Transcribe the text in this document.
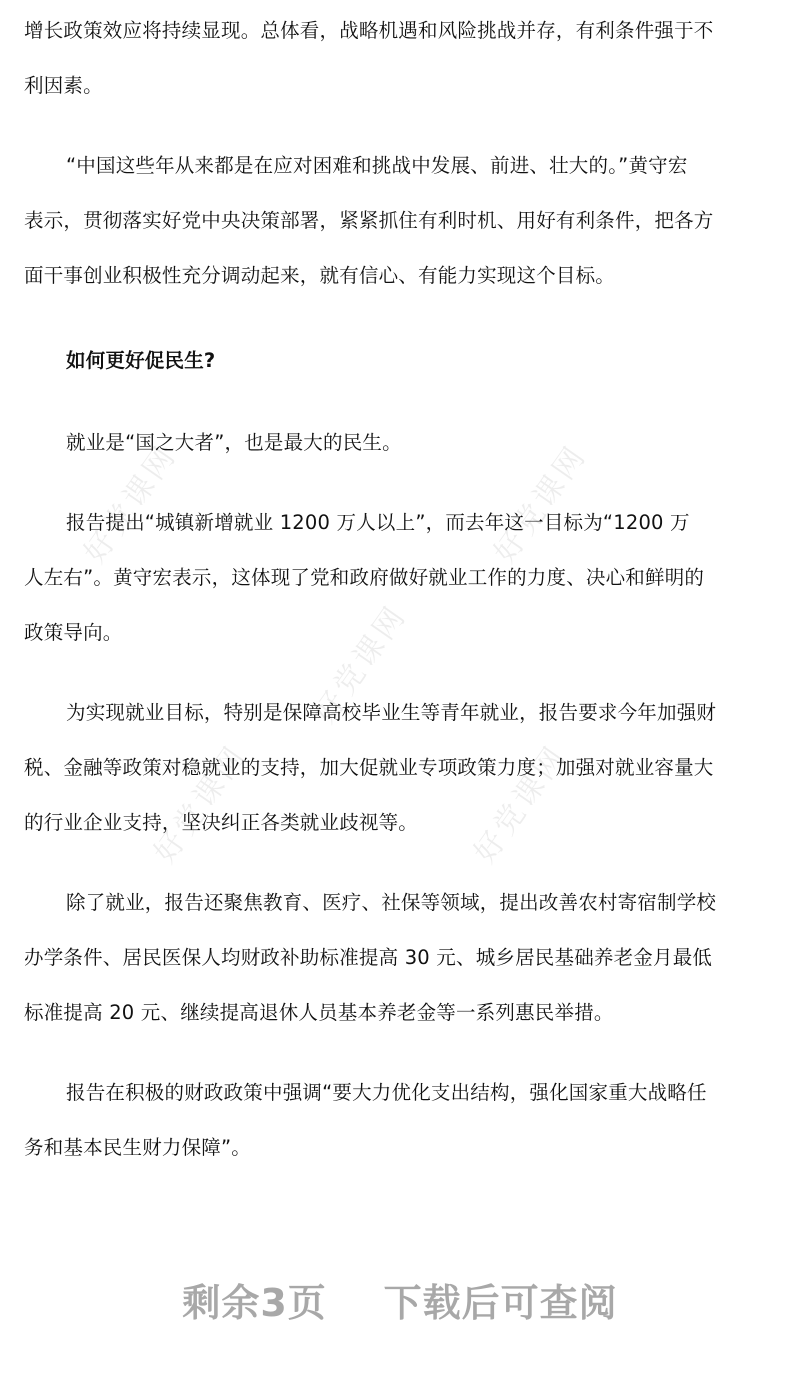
好党课网	好党课网
好党课网
好党课网	好党课网
增长政策效应将持续显现。总体看，战略机遇和风险挑战并存，有利条件强于不
利因素。
“中国这些年从来都是在应对困难和挑战中发展、前进、壮大的。”黄守宏
表示，贯彻落实好党中央决策部署，紧紧抓住有利时机、用好有利条件，把各方
面干事创业积极性充分调动起来，就有信心、有能力实现这个目标。
如何更好促民生?
就业是“国之大者”，也是最大的民生。
报告提出“城镇新增就业 1200 万人以上”，而去年这一目标为“1200 万
人左右”。黄守宏表示，这体现了党和政府做好就业工作的力度、决心和鲜明的
政策导向。
为实现就业目标，特别是保障高校毕业生等青年就业，报告要求今年加强财
税、金融等政策对稳就业的支持，加大促就业专项政策力度；加强对就业容量大
的行业企业支持，坚决纠正各类就业歧视等。
除了就业，报告还聚焦教育、医疗、社保等领域，提出改善农村寄宿制学校
办学条件、居民医保人均财政补助标准提高 30 元、城乡居民基础养老金月最低
标准提高 20 元、继续提高退休人员基本养老金等一系列惠民举措。
报告在积极的财政政策中强调“要大力优化支出结构，强化国家重大战略任
务和基本民生财力保障”。
剩余3页    下载后可查阅
